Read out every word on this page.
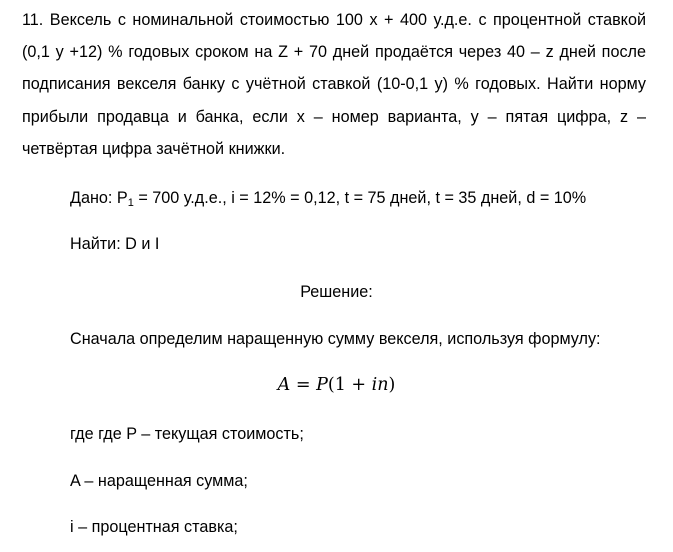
11. Вексель с номинальной стоимостью 100 x + 400 у.д.е. с процентной ставкой (0,1 y +12) % годовых сроком на Z + 70 дней продаётся через 40 – z дней после подписания векселя банку с учётной ставкой (10-0,1 y) % годовых. Найти норму прибыли продавца и банка, если x – номер варианта, y – пятая цифра, z – четвёртая цифра зачётной книжки.

Дано: $P_1 = 700$ у.д.е., i = 12% = 0,12, t = 75 дней, t = 35 дней, d = 10%

Найти: D и I

Решение:

Сначала определим наращенную сумму векселя, используя формулу:

A = P(1 + in)

где где P – текущая стоимость;

A – наращенная сумма;

i – процентная ставка;
